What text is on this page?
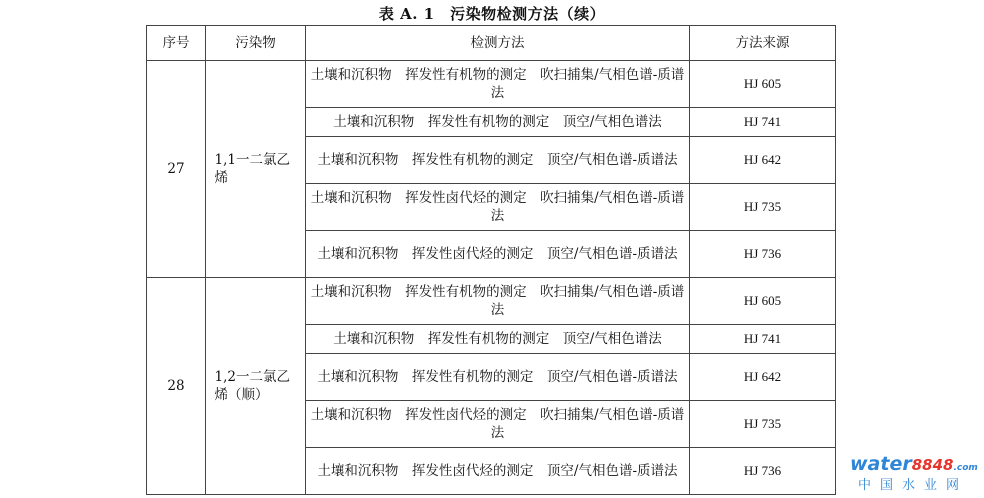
表 A. 1　污染物检测方法（续）
序号	污染物	检测方法	方法来源
27	1,1一二氯乙烯	土壤和沉积物　挥发性有机物的测定　吹扫捕集/气相色谱-质谱法	HJ 605
		土壤和沉积物　挥发性有机物的测定　顶空/气相色谱法	HJ 741
		土壤和沉积物　挥发性有机物的测定　顶空/气相色谱-质谱法	HJ 642
		土壤和沉积物　挥发性卤代烃的测定　吹扫捕集/气相色谱-质谱法	HJ 735
		土壤和沉积物　挥发性卤代烃的测定　顶空/气相色谱-质谱法	HJ 736
28	1,2一二氯乙烯（顺）	土壤和沉积物　挥发性有机物的测定　吹扫捕集/气相色谱-质谱法	HJ 605
		土壤和沉积物　挥发性有机物的测定　顶空/气相色谱法	HJ 741
		土壤和沉积物　挥发性有机物的测定　顶空/气相色谱-质谱法	HJ 642
		土壤和沉积物　挥发性卤代烃的测定　吹扫捕集/气相色谱-质谱法	HJ 735
		土壤和沉积物　挥发性卤代烃的测定　顶空/气相色谱-质谱法	HJ 736	water8848.com
中国水业网
